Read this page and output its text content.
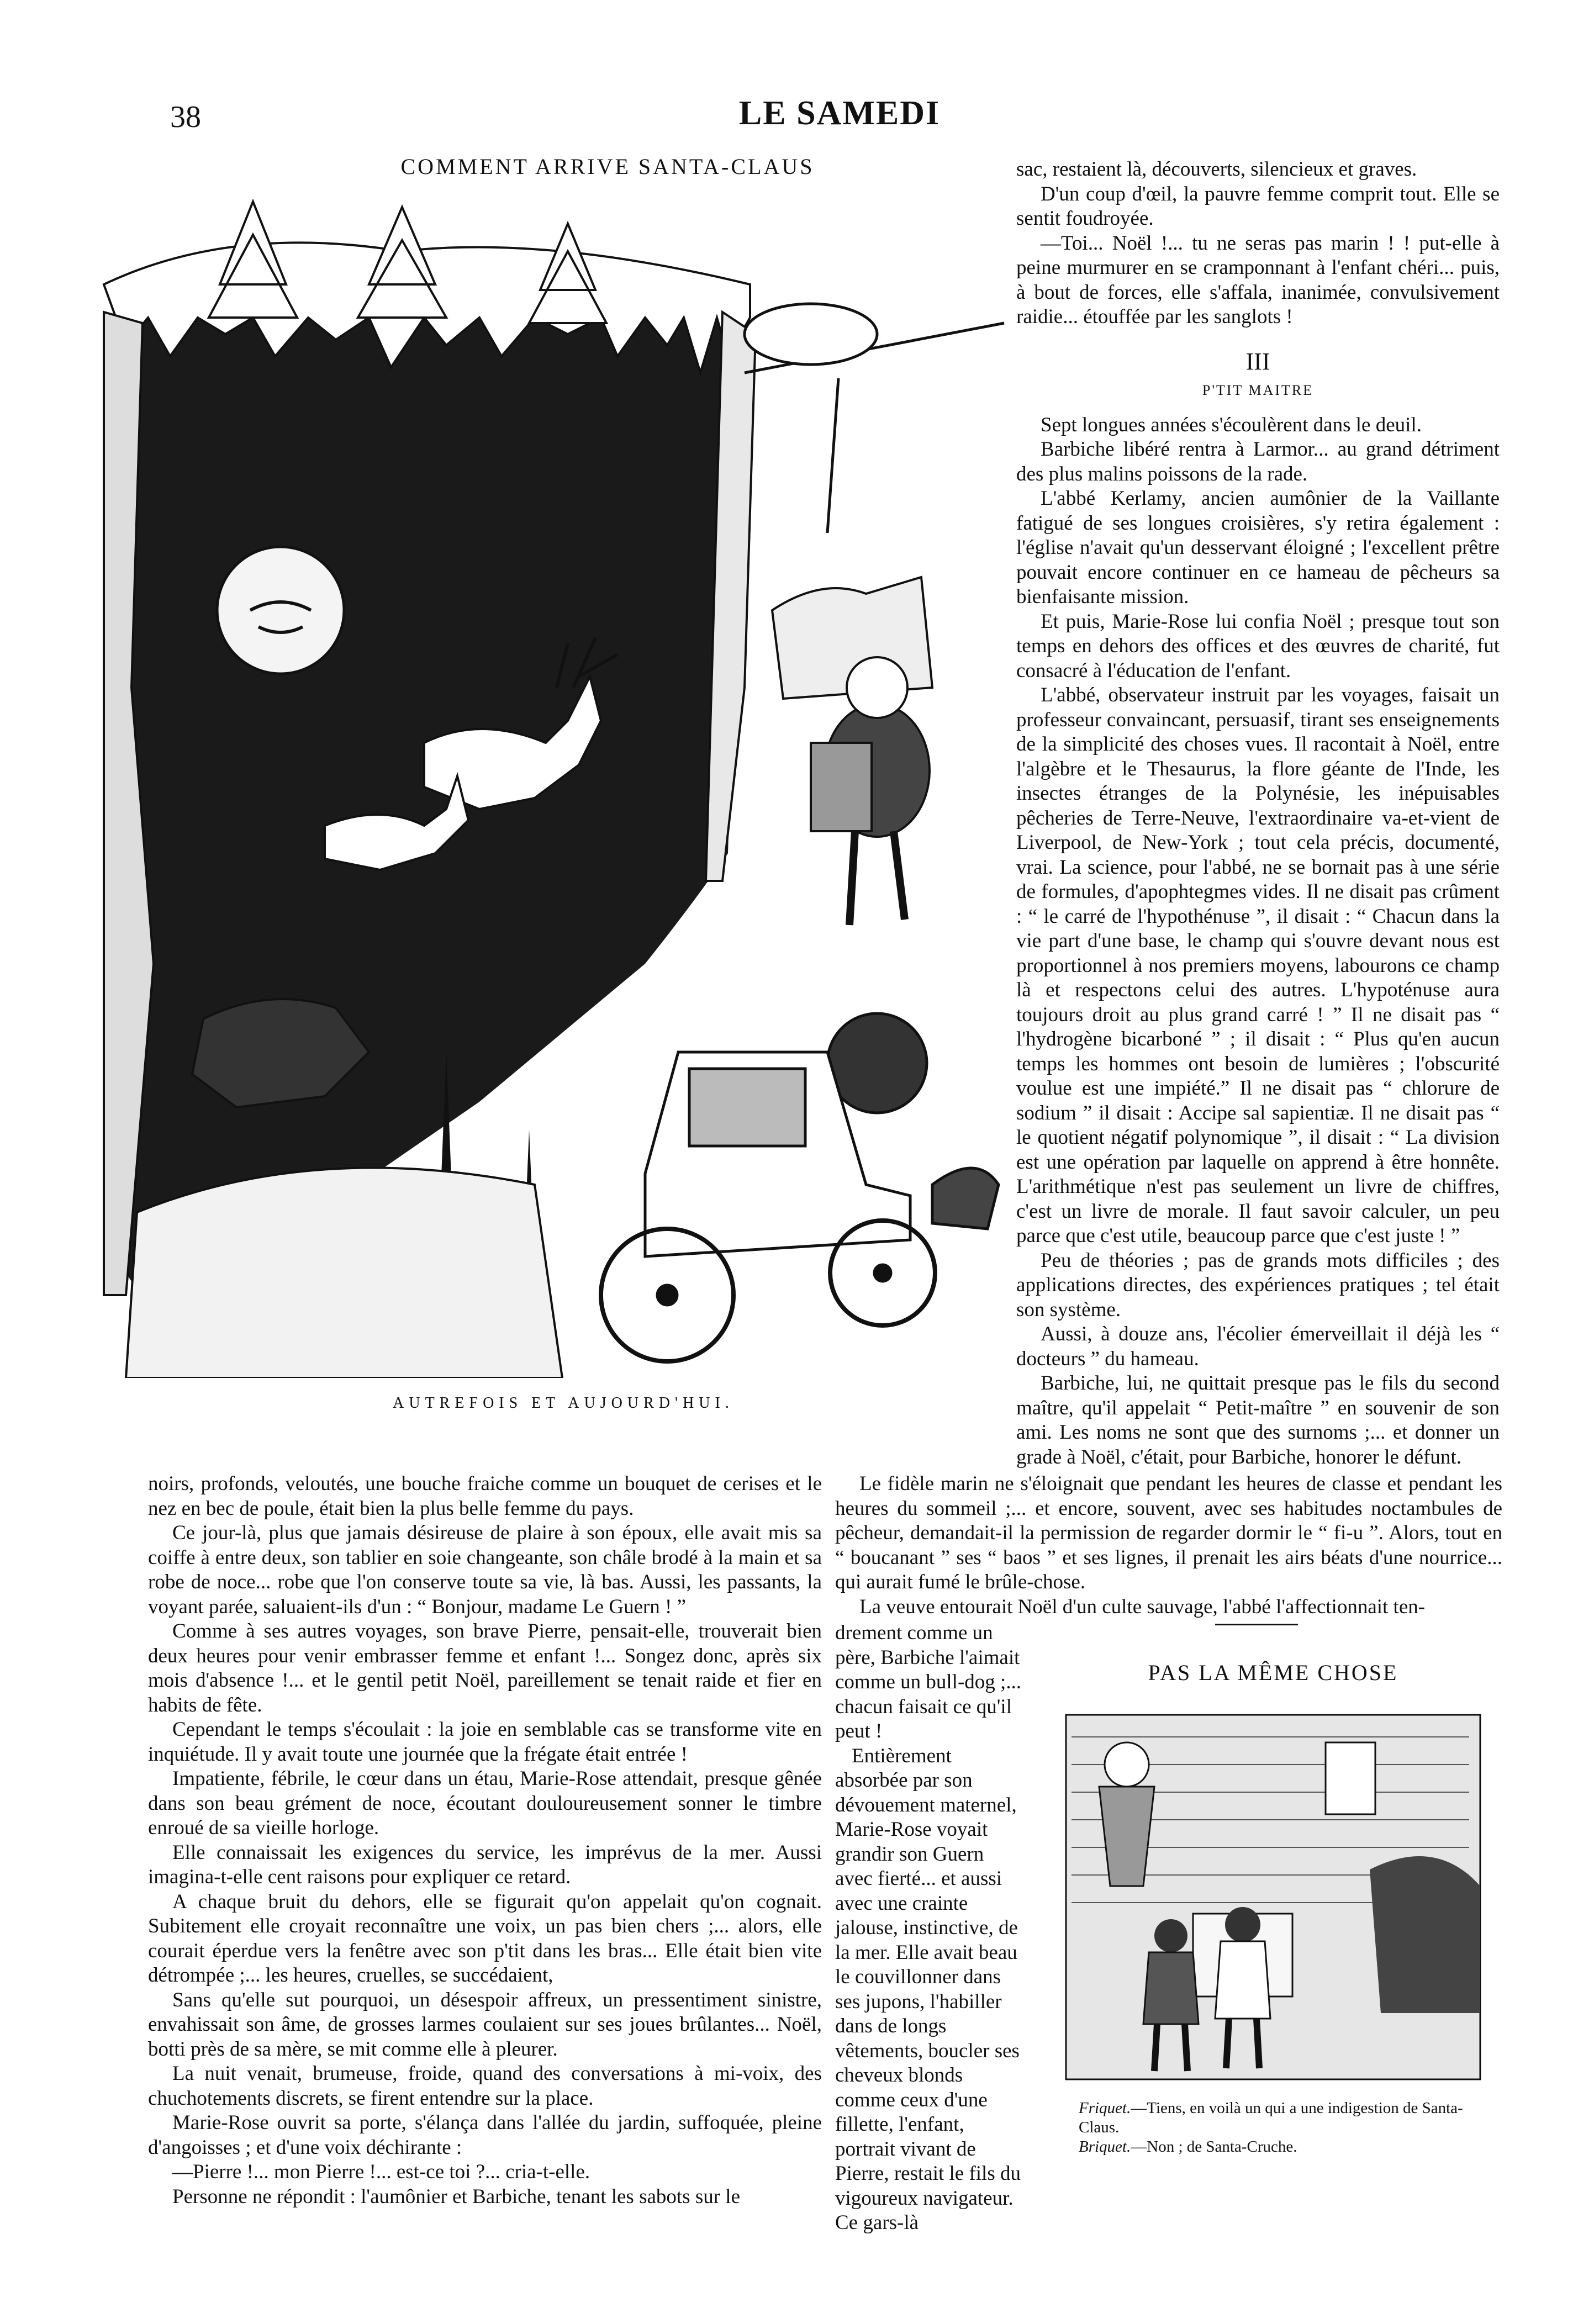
38	LE SAMEDI
COMMENT ARRIVE SANTA-CLAUS
AUTREFOIS ET AUJOURD'HUI.

sac, restaient là, découverts, silencieux et graves.

D'un coup d'œil, la pauvre femme comprit tout. Elle se sentit foudroyée.

—Toi... Noël !... tu ne seras pas marin ! ! put-elle à peine murmurer en se cramponnant à l'enfant chéri... puis, à bout de forces, elle s'affala, inanimée, convulsivement raidie... étouffée par les sanglots !

III

P'TIT MAITRE

Sept longues années s'écoulèrent dans le deuil.

Barbiche libéré rentra à Larmor... au grand détriment des plus malins poissons de la rade.

L'abbé Kerlamy, ancien aumônier de la Vaillante fatigué de ses longues croisières, s'y retira également : l'église n'avait qu'un desservant éloigné ; l'excellent prêtre pouvait encore continuer en ce hameau de pêcheurs sa bienfaisante mission.

Et puis, Marie-Rose lui confia Noël ; presque tout son temps en dehors des offices et des œuvres de charité, fut consacré à l'éducation de l'enfant.

L'abbé, observateur instruit par les voyages, faisait un professeur convaincant, persuasif, tirant ses enseignements de la simplicité des choses vues. Il racontait à Noël, entre l'algèbre et le Thesaurus, la flore géante de l'Inde, les insectes étranges de la Polynésie, les inépuisables pêcheries de Terre-Neuve, l'extraordinaire va-et-vient de Liverpool, de New-York ; tout cela précis, documenté, vrai. La science, pour l'abbé, ne se bornait pas à une série de formules, d'apophtegmes vides. Il ne disait pas crûment : “ le carré de l'hypothénuse ”, il disait : “ Chacun dans la vie part d'une base, le champ qui s'ouvre devant nous est proportionnel à nos premiers moyens, labourons ce champ là et respectons celui des autres. L'hypoténuse aura toujours droit au plus grand carré ! ” Il ne disait pas “ l'hydrogène bicarboné ” ; il disait : “ Plus qu'en aucun temps les hommes ont besoin de lumières ; l'obscurité voulue est une impiété.” Il ne disait pas “ chlorure de sodium ” il disait : Accipe sal sapientiæ. Il ne disait pas “ le quotient négatif polynomique ”, il disait : “ La division est une opération par laquelle on apprend à être honnête. L'arithmétique n'est pas seulement un livre de chiffres, c'est un livre de morale. Il faut savoir calculer, un peu parce que c'est utile, beaucoup parce que c'est juste ! ”

Peu de théories ; pas de grands mots difficiles ; des applications directes, des expériences pratiques ; tel était son système.

Aussi, à douze ans, l'écolier émerveillait il déjà les “ docteurs ” du hameau.

Barbiche, lui, ne quittait presque pas le fils du second maître, qu'il appelait “ Petit-maître ” en souvenir de son ami. Les noms ne sont que des surnoms ;... et donner un grade à Noël, c'était, pour Barbiche, honorer le défunt.

noirs, profonds, veloutés, une bouche fraiche comme un bouquet de cerises et le nez en bec de poule, était bien la plus belle femme du pays.

Ce jour-là, plus que jamais désireuse de plaire à son époux, elle avait mis sa coiffe à entre deux, son tablier en soie changeante, son châle brodé à la main et sa robe de noce... robe que l'on conserve toute sa vie, là bas. Aussi, les passants, la voyant parée, saluaient-ils d'un : “ Bonjour, madame Le Guern ! ”

Comme à ses autres voyages, son brave Pierre, pensait-elle, trouverait bien deux heures pour venir embrasser femme et enfant !... Songez donc, après six mois d'absence !... et le gentil petit Noël, pareillement se tenait raide et fier en habits de fête.

Cependant le temps s'écoulait : la joie en semblable cas se transforme vite en inquiétude. Il y avait toute une journée que la frégate était entrée !

Impatiente, fébrile, le cœur dans un étau, Marie-Rose attendait, presque gênée dans son beau grément de noce, écoutant douloureusement sonner le timbre enroué de sa vieille horloge.

Elle connaissait les exigences du service, les imprévus de la mer. Aussi imagina-t-elle cent raisons pour expliquer ce retard.

A chaque bruit du dehors, elle se figurait qu'on appelait qu'on cognait. Subitement elle croyait reconnaître une voix, un pas bien chers ;... alors, elle courait éperdue vers la fenêtre avec son p'tit dans les bras... Elle était bien vite détrompée ;... les heures, cruelles, se succédaient,

Sans qu'elle sut pourquoi, un désespoir affreux, un pressentiment sinistre, envahissait son âme, de grosses larmes coulaient sur ses joues brûlantes... Noël, botti près de sa mère, se mit comme elle à pleurer.

La nuit venait, brumeuse, froide, quand des conversations à mi-voix, des chuchotements discrets, se firent entendre sur la place.

Marie-Rose ouvrit sa porte, s'élança dans l'allée du jardin, suffoquée, pleine d'angoisses ; et d'une voix déchirante :

—Pierre !... mon Pierre !... est-ce toi ?... cria-t-elle.

Personne ne répondit : l'aumônier et Barbiche, tenant les sabots sur le

Le fidèle marin ne s'éloignait que pendant les heures de classe et pendant les heures du sommeil ;... et encore, souvent, avec ses habitudes noctambules de pêcheur, demandait-il la permission de regarder dormir le “ fi-u ”. Alors, tout en “ boucanant ” ses “ baos ” et ses lignes, il prenait les airs béats d'une nourrice... qui aurait fumé le brûle-chose.

La veuve entourait Noël d'un culte sauvage, l'abbé l'affectionnait ten-

drement comme un père, Barbiche l'aimait comme un bull-dog ;... chacun faisait ce qu'il peut !

Entièrement absorbée par son dévouement maternel, Marie-Rose voyait grandir son Guern avec fierté... et aussi avec une crainte jalouse, instinctive, de la mer. Elle avait beau le couvillonner dans ses jupons, l'habiller dans de longs vêtements, boucler ses cheveux blonds comme ceux d'une fillette, l'enfant, portrait vivant de Pierre, restait le fils du vigoureux navigateur. Ce gars-là

PAS LA MÊME CHOSE

Friquet.—Tiens, en voilà un qui a une indigestion de Santa-Claus.

Briquet.—Non ; de Santa-Cruche.
